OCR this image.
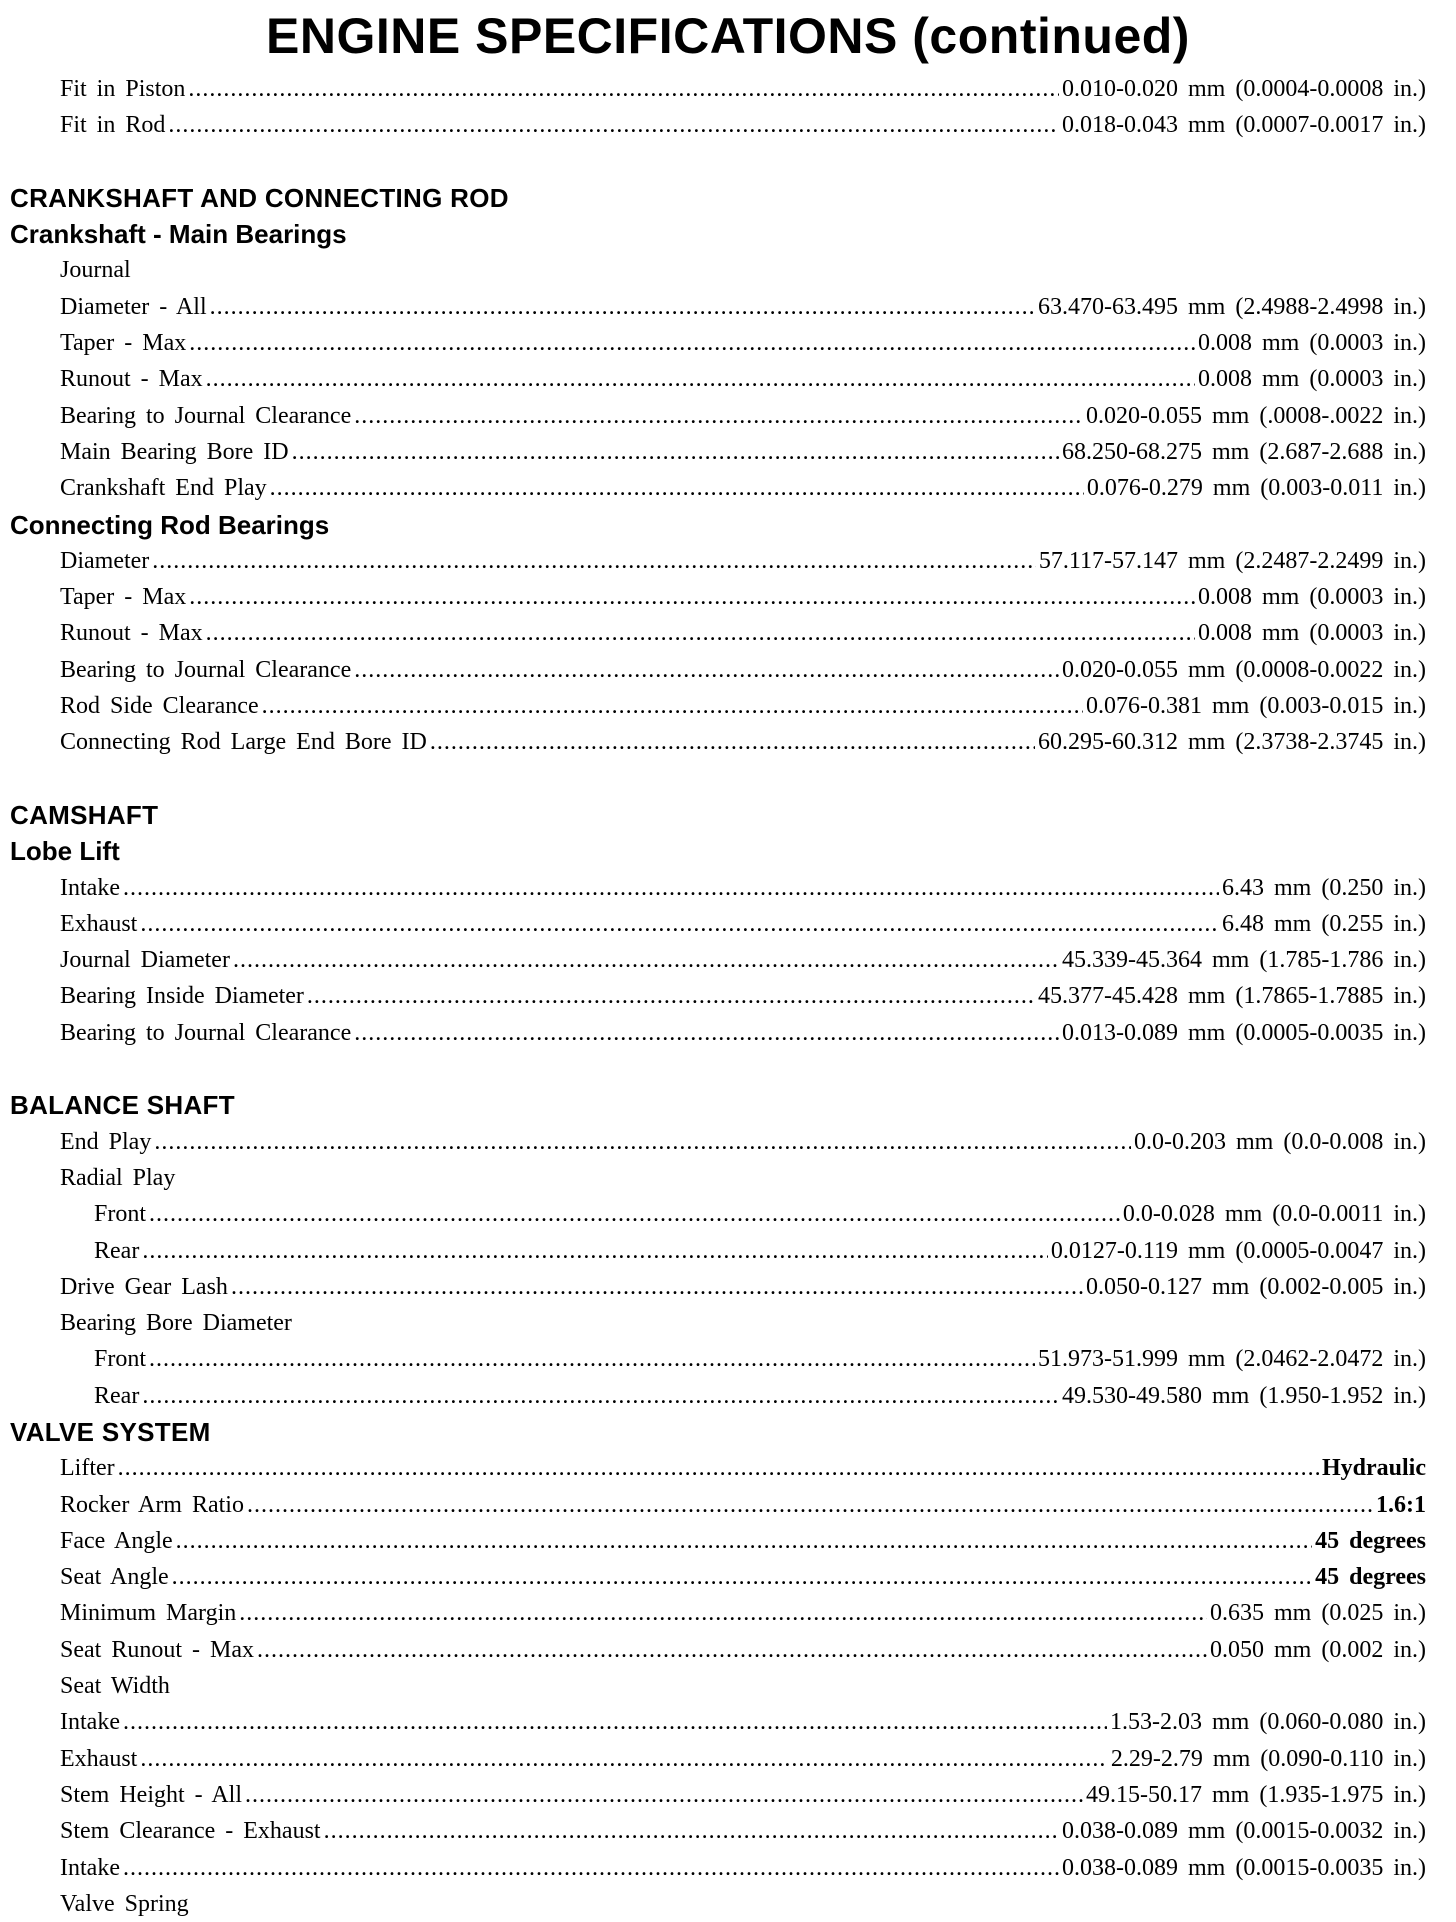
ENGINE SPECIFICATIONS (continued)
Fit in Piston . . .	0.010-0.020 mm (0.0004-0.0008 in.)
Fit in Rod . . .	0.018-0.043 mm (0.0007-0.0017 in.)
CRANKSHAFT AND CONNECTING ROD
Crankshaft - Main Bearings
Journal
Diameter - All . . .	63.470-63.495 mm (2.4988-2.4998 in.)
Taper - Max . . .	0.008 mm (0.0003 in.)
Runout - Max . . .	0.008 mm (0.0003 in.)
Bearing to Journal Clearance . . .	0.020-0.055 mm (.0008-.0022 in.)
Main Bearing Bore ID . . .	68.250-68.275 mm (2.687-2.688 in.)
Crankshaft End Play . . .	0.076-0.279 mm (0.003-0.011 in.)
Connecting Rod Bearings
Diameter . . .	57.117-57.147 mm (2.2487-2.2499 in.)
Taper - Max . . .	0.008 mm (0.0003 in.)
Runout - Max . . .	0.008 mm (0.0003 in.)
Bearing to Journal Clearance . . .	0.020-0.055 mm (0.0008-0.0022 in.)
Rod Side Clearance . . .	0.076-0.381 mm (0.003-0.015 in.)
Connecting Rod Large End Bore ID . . .	60.295-60.312 mm (2.3738-2.3745 in.)
CAMSHAFT
Lobe Lift
Intake . . .	6.43 mm (0.250 in.)
Exhaust . . .	6.48 mm (0.255 in.)
Journal Diameter . . .	45.339-45.364 mm (1.785-1.786 in.)
Bearing Inside Diameter . . .	45.377-45.428 mm (1.7865-1.7885 in.)
Bearing to Journal Clearance . . .	0.013-0.089 mm (0.0005-0.0035 in.)
BALANCE SHAFT
End Play . . .	0.0-0.203 mm (0.0-0.008 in.)
Radial Play
Front . . .	0.0-0.028 mm (0.0-0.0011 in.)
Rear . . .	0.0127-0.119 mm (0.0005-0.0047 in.)
Drive Gear Lash . . .	0.050-0.127 mm (0.002-0.005 in.)
Bearing Bore Diameter
Front . . .	51.973-51.999 mm (2.0462-2.0472 in.)
Rear . . .	49.530-49.580 mm (1.950-1.952 in.)
VALVE SYSTEM
Lifter . . .	Hydraulic
Rocker Arm Ratio . . .	1.6:1
Face Angle . . .	45 degrees
Seat Angle . . .	45 degrees
Minimum Margin . . .	0.635 mm (0.025 in.)
Seat Runout - Max . . .	0.050 mm (0.002 in.)
Seat Width
Intake . . .	1.53-2.03 mm (0.060-0.080 in.)
Exhaust . . .	2.29-2.79 mm (0.090-0.110 in.)
Stem Height - All . . .	49.15-50.17 mm (1.935-1.975 in.)
Stem Clearance - Exhaust . . .	0.038-0.089 mm (0.0015-0.0032 in.)
Intake . . .	0.038-0.089 mm (0.0015-0.0035 in.)
Valve Spring
